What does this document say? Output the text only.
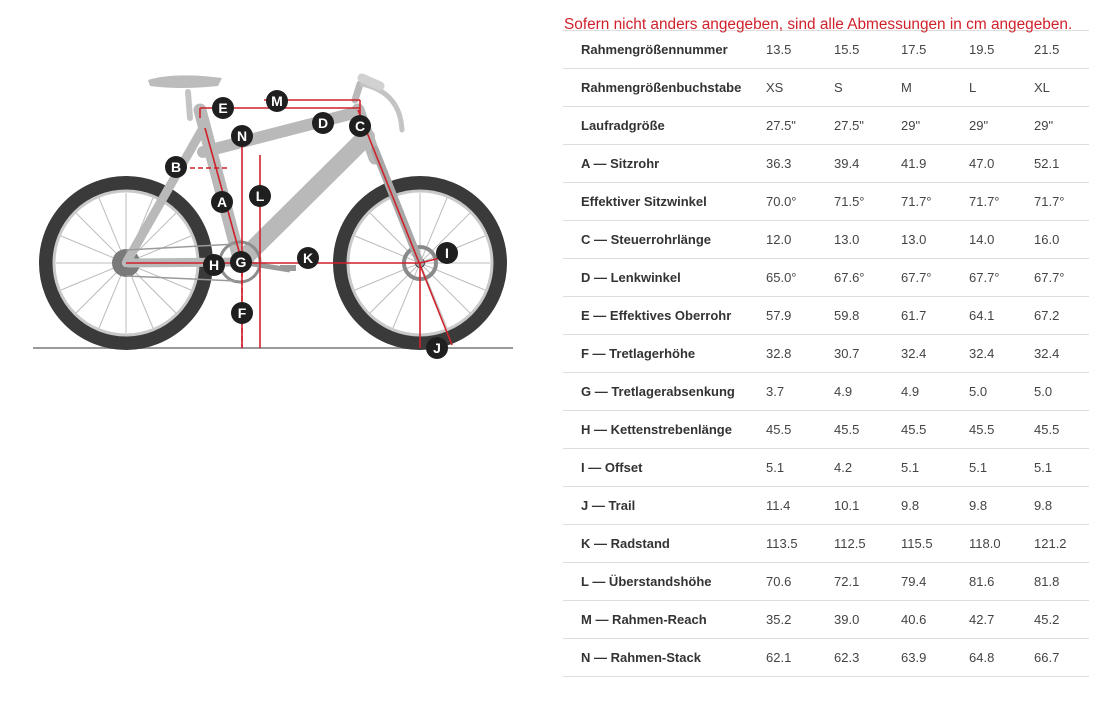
E	M
N
D C
B
L
A
K
H G
I
F
J

Sofern nicht anders angegeben, sind alle Abmessungen in cm angegeben.

Rahmengrößennummer	13.5	15.5	17.5	19.5	21.5
Rahmengrößenbuchstabe	XS	S	M	L	XL
Laufradgröße	27.5"	27.5"	29"	29"	29"
A — Sitzrohr	36.3	39.4	41.9	47.0	52.1
Effektiver Sitzwinkel	70.0°	71.5°	71.7°	71.7°	71.7°
C — Steuerrohrlänge	12.0	13.0	13.0	14.0	16.0
D — Lenkwinkel	65.0°	67.6°	67.7°	67.7°	67.7°
E — Effektives Oberrohr	57.9	59.8	61.7	64.1	67.2
F — Tretlagerhöhe	32.8	30.7	32.4	32.4	32.4
G — Tretlagerabsenkung	3.7	4.9	4.9	5.0	5.0
H — Kettenstrebenlänge	45.5	45.5	45.5	45.5	45.5
I — Offset	5.1	4.2	5.1	5.1	5.1
J — Trail	11.4	10.1	9.8	9.8	9.8
K — Radstand	113.5	112.5	115.5	118.0	121.2
L — Überstandshöhe	70.6	72.1	79.4	81.6	81.8
M — Rahmen-Reach	35.2	39.0	40.6	42.7	45.2
N — Rahmen-Stack	62.1	62.3	63.9	64.8	66.7
